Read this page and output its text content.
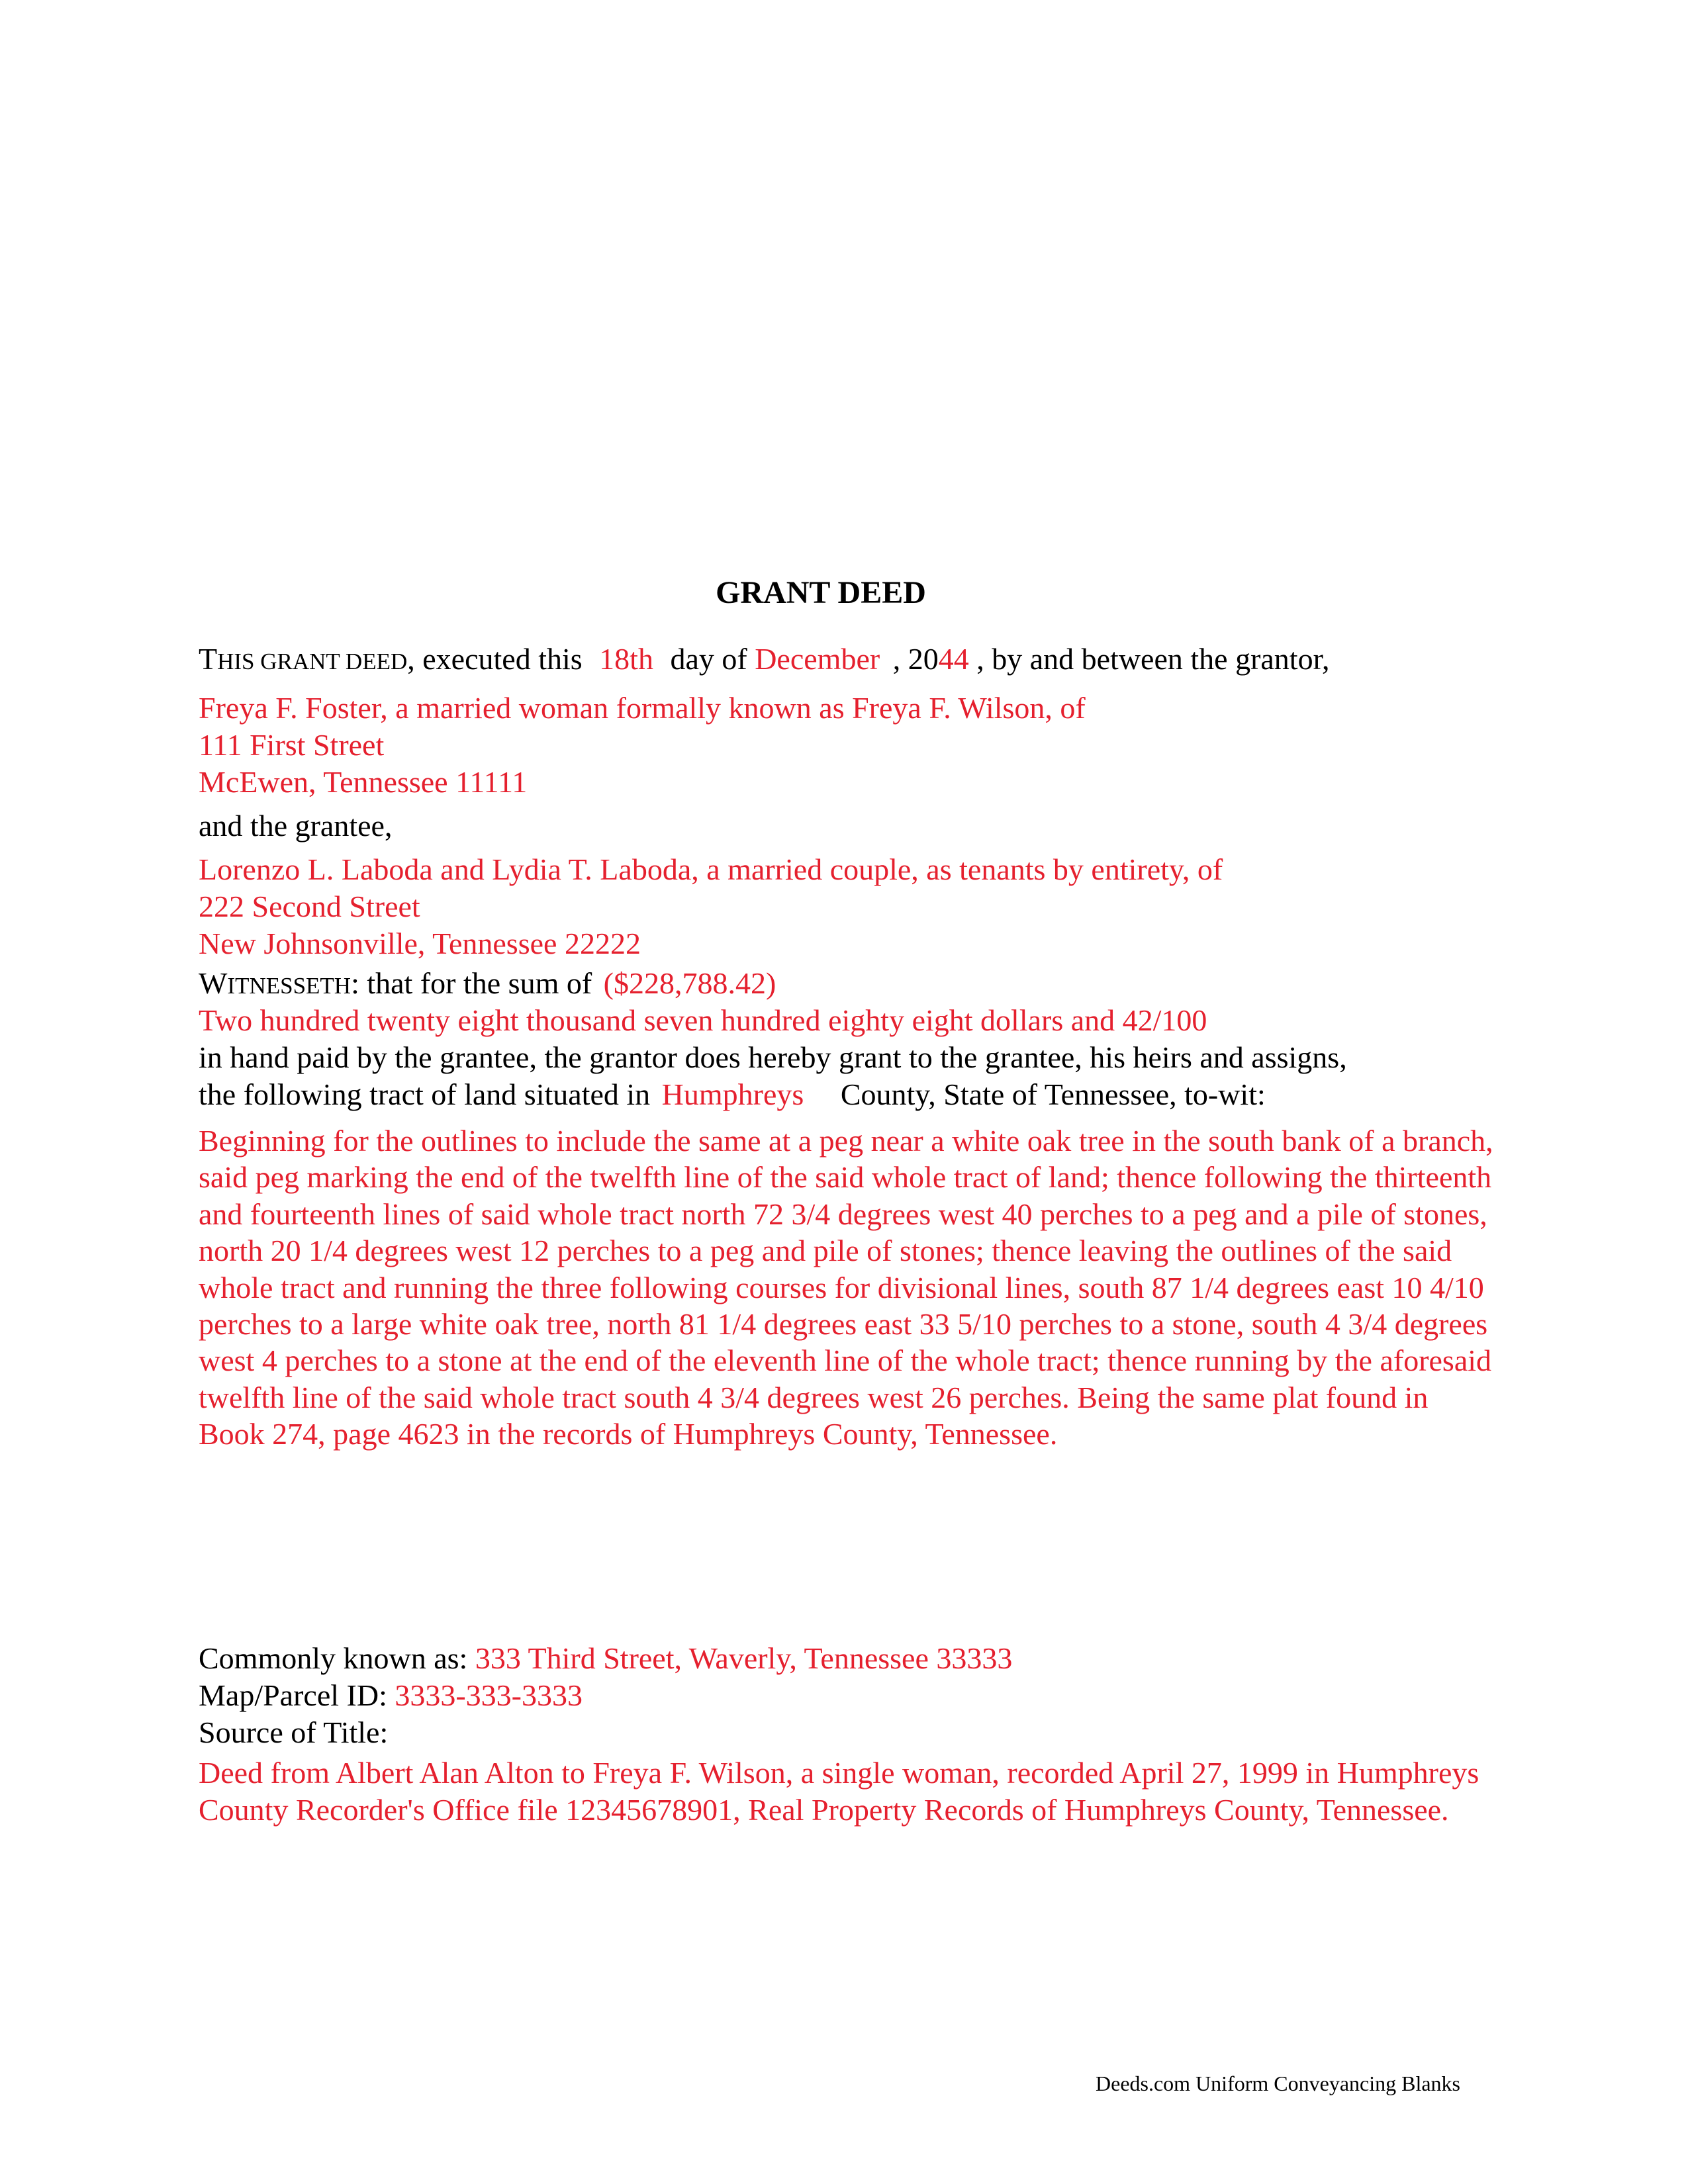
GRANT DEED
THIS GRANT DEED, executed this 18th day of December , 2044 , by and between the grantor,
Freya F. Foster, a married woman formally known as Freya F. Wilson, of
111 First Street
McEwen, Tennessee 11111
and the grantee,
Lorenzo L. Laboda and Lydia T. Laboda, a married couple, as tenants by entirety, of
222 Second Street
New Johnsonville, Tennessee 22222
WITNESSETH: that for the sum of ($228,788.42)
Two hundred twenty eight thousand seven hundred eighty eight dollars and 42/100
in hand paid by the grantee, the grantor does hereby grant to the grantee, his heirs and assigns,
the following tract of land situated in Humphreys County, State of Tennessee, to-wit:
Beginning for the outlines to include the same at a peg near a white oak tree in the south bank of a branch, said peg marking the end of the twelfth line of the said whole tract of land; thence following the thirteenth and fourteenth lines of said whole tract north 72 3/4 degrees west 40 perches to a peg and a pile of stones, north 20 1/4 degrees west 12 perches to a peg and pile of stones; thence leaving the outlines of the said whole tract and running the three following courses for divisional lines, south 87 1/4 degrees east 10 4/10 perches to a large white oak tree, north 81 1/4 degrees east 33 5/10 perches to a stone, south 4 3/4 degrees west 4 perches to a stone at the end of the eleventh line of the whole tract; thence running by the aforesaid twelfth line of the said whole tract south 4 3/4 degrees west 26 perches. Being the same plat found in Book 274, page 4623 in the records of Humphreys County, Tennessee.
Commonly known as: 333 Third Street, Waverly, Tennessee 33333
Map/Parcel ID: 3333-333-3333
Source of Title:
Deed from Albert Alan Alton to Freya F. Wilson, a single woman, recorded April 27, 1999 in Humphreys County Recorder's Office file 12345678901, Real Property Records of Humphreys County, Tennessee.
Deeds.com Uniform Conveyancing Blanks
